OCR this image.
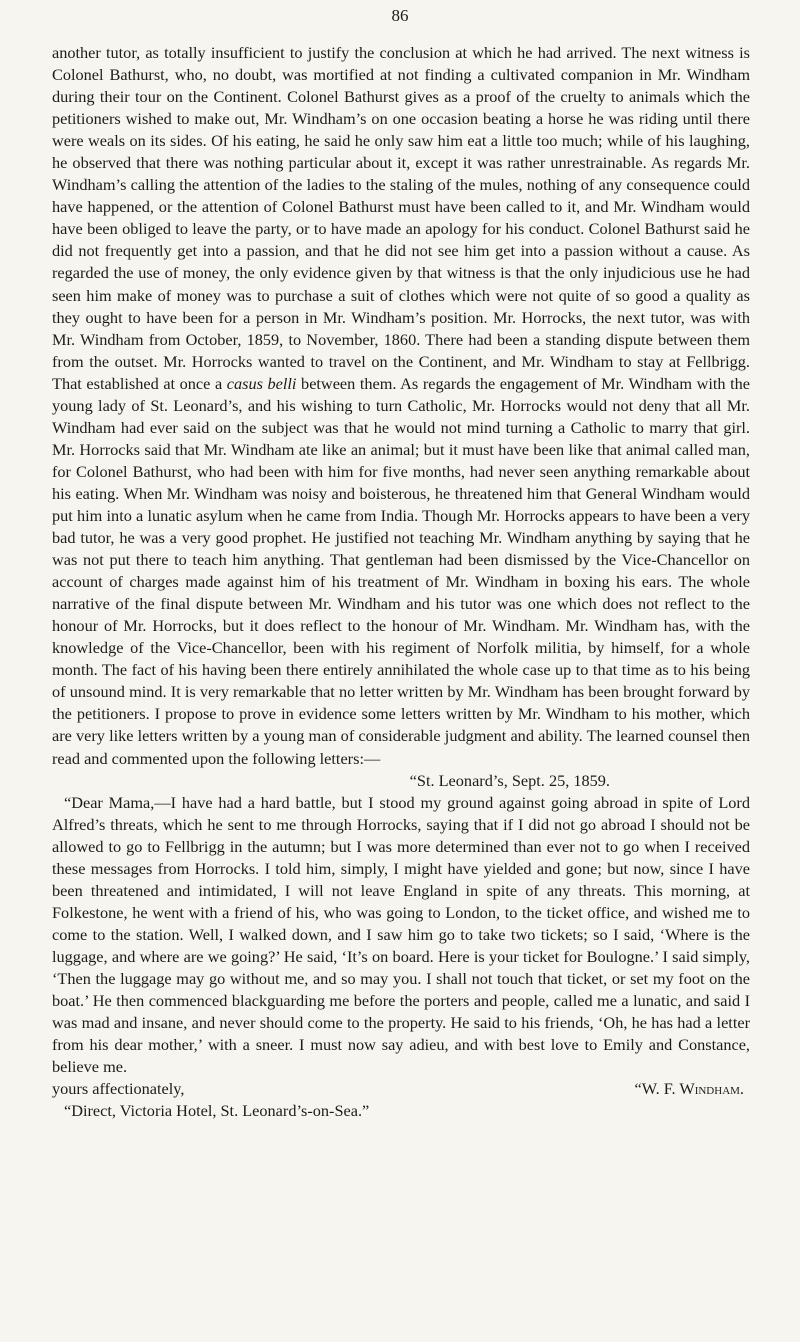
86

another tutor, as totally insufficient to justify the conclusion at which he had arrived. The next witness is Colonel Bathurst, who, no doubt, was mortified at not finding a cultivated companion in Mr. Windham during their tour on the Continent. Colonel Bathurst gives as a proof of the cruelty to animals which the petitioners wished to make out, Mr. Windham’s on one occasion beating a horse he was riding until there were weals on its sides. Of his eating, he said he only saw him eat a little too much; while of his laughing, he observed that there was nothing particular about it, except it was rather unrestrainable. As regards Mr. Windham’s calling the attention of the ladies to the staling of the mules, nothing of any consequence could have happened, or the attention of Colonel Bathurst must have been called to it, and Mr. Windham would have been obliged to leave the party, or to have made an apology for his conduct. Colonel Bathurst said he did not frequently get into a passion, and that he did not see him get into a passion without a cause. As regarded the use of money, the only evidence given by that witness is that the only injudicious use he had seen him make of money was to purchase a suit of clothes which were not quite of so good a quality as they ought to have been for a person in Mr. Windham’s position. Mr. Horrocks, the next tutor, was with Mr. Windham from October, 1859, to November, 1860. There had been a standing dispute between them from the outset. Mr. Horrocks wanted to travel on the Continent, and Mr. Windham to stay at Fellbrigg. That established at once a casus belli between them. As regards the engagement of Mr. Windham with the young lady of St. Leonard’s, and his wishing to turn Catholic, Mr. Horrocks would not deny that all Mr. Windham had ever said on the subject was that he would not mind turning a Catholic to marry that girl. Mr. Horrocks said that Mr. Windham ate like an animal; but it must have been like that animal called man, for Colonel Bathurst, who had been with him for five months, had never seen anything remarkable about his eating. When Mr. Windham was noisy and boisterous, he threatened him that General Windham would put him into a lunatic asylum when he came from India. Though Mr. Horrocks appears to have been a very bad tutor, he was a very good prophet. He justified not teaching Mr. Windham anything by saying that he was not put there to teach him anything. That gentleman had been dismissed by the Vice-Chancellor on account of charges made against him of his treatment of Mr. Windham in boxing his ears. The whole narrative of the final dispute between Mr. Windham and his tutor was one which does not reflect to the honour of Mr. Horrocks, but it does reflect to the honour of Mr. Windham. Mr. Windham has, with the knowledge of the Vice-Chancellor, been with his regiment of Norfolk militia, by himself, for a whole month. The fact of his having been there entirely annihilated the whole case up to that time as to his being of unsound mind. It is very remarkable that no letter written by Mr. Windham has been brought forward by the petitioners. I propose to prove in evidence some letters written by Mr. Windham to his mother, which are very like letters written by a young man of considerable judgment and ability. The learned counsel then read and commented upon the following letters:—

“St. Leonard’s, Sept. 25, 1859.

“Dear Mama,—I have had a hard battle, but I stood my ground against going abroad in spite of Lord Alfred’s threats, which he sent to me through Horrocks, saying that if I did not go abroad I should not be allowed to go to Fellbrigg in the autumn; but I was more determined than ever not to go when I received these messages from Horrocks. I told him, simply, I might have yielded and gone; but now, since I have been threatened and intimidated, I will not leave England in spite of any threats. This morning, at Folkestone, he went with a friend of his, who was going to London, to the ticket office, and wished me to come to the station. Well, I walked down, and I saw him go to take two tickets; so I said, ‘Where is the luggage, and where are we going?’ He said, ‘It’s on board. Here is your ticket for Boulogne.’ I said simply, ‘Then the luggage may go without me, and so may you. I shall not touch that ticket, or set my foot on the boat.’ He then commenced blackguarding me before the porters and people, called me a lunatic, and said I was mad and insane, and never should come to the property. He said to his friends, ‘Oh, he has had a letter from his dear mother,’ with a sneer. I must now say adieu, and with best love to Emily and Constance, believe me.

yours affectionately,	“W. F. Windham.

“Direct, Victoria Hotel, St. Leonard’s-on-Sea.”
